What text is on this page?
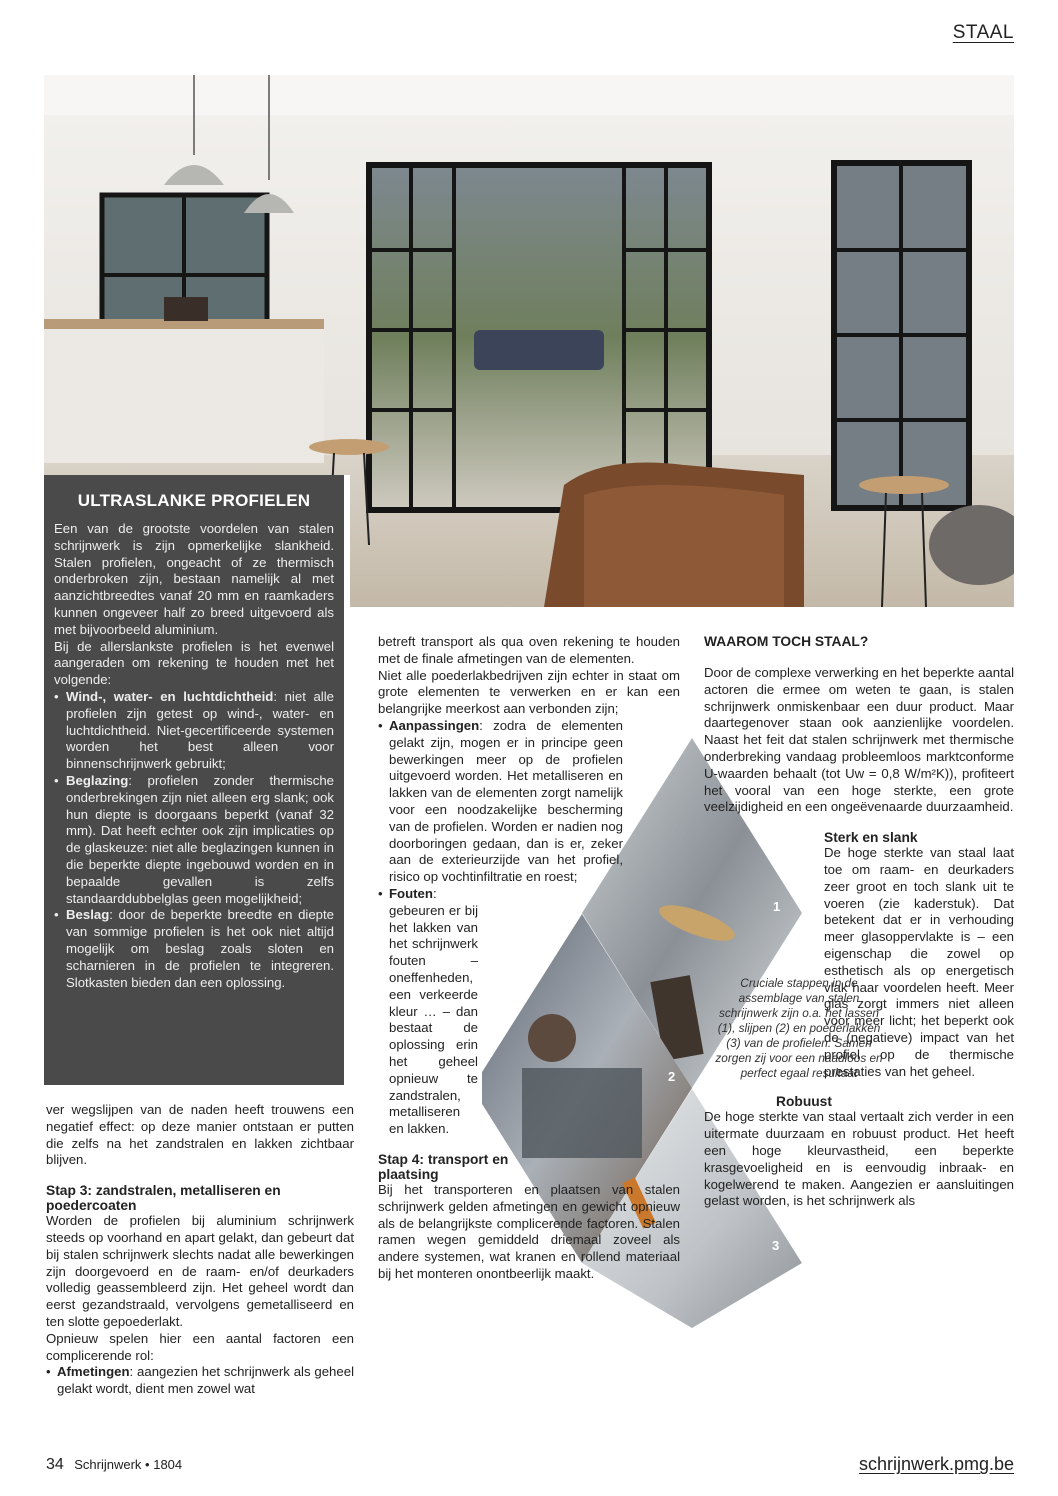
STAAL
ULTRASLANKE PROFIELEN

Een van de grootste voordelen van stalen schrijnwerk is zijn opmerkelijke slankheid. Stalen profielen, ongeacht of ze thermisch onderbroken zijn, bestaan namelijk al met aanzichtbreedtes vanaf 20 mm en raamkaders kunnen ongeveer half zo breed uitgevoerd als met bijvoorbeeld aluminium.

Bij de allerslankste profielen is het evenwel aangeraden om rekening te houden met het volgende:

• Wind-, water- en luchtdichtheid: niet alle profielen zijn getest op wind-, water- en luchtdichtheid. Niet-gecertificeerde systemen worden het best alleen voor binnenschrijnwerk gebruikt;
• Beglazing: profielen zonder thermische onderbrekingen zijn niet alleen erg slank; ook hun diepte is doorgaans beperkt (vanaf 32 mm). Dat heeft echter ook zijn implicaties op de glaskeuze: niet alle beglazingen kunnen in die beperkte diepte ingebouwd worden en in bepaalde gevallen is zelfs standaarddubbelglas geen mogelijkheid;
• Beslag: door de beperkte breedte en diepte van sommige profielen is het ook niet altijd mogelijk om beslag zoals sloten en scharnieren in de profielen te integreren. Slotkasten bieden dan een oplossing.

ver wegslijpen van de naden heeft trouwens een negatief effect: op deze manier ontstaan er putten die zelfs na het zandstralen en lakken zichtbaar blijven.

Stap 3: zandstralen, metalliseren en poedercoaten

Worden de profielen bij aluminium schrijnwerk steeds op voorhand en apart gelakt, dan gebeurt dat bij stalen schrijnwerk slechts nadat alle bewerkingen zijn doorgevoerd en de raam- en/of deurkaders volledig geassembleerd zijn. Het geheel wordt dan eerst gezandstraald, vervolgens gemetalliseerd en ten slotte gepoederlakt.

Opnieuw spelen hier een aantal factoren een complicerende rol:

• Afmetingen: aangezien het schrijnwerk als geheel gelakt wordt, dient men zowel wat
1
2
3

betreft transport als qua oven rekening te houden met de finale afmetingen van de elementen.

Niet alle poederlakbedrijven zijn echter in staat om grote elementen te verwerken en er kan een belangrijke meerkost aan verbonden zijn;

• Aanpassingen: zodra de elementen gelakt zijn, mogen er in principe geen bewerkingen meer op de profielen uitgevoerd worden. Het metalliseren en lakken van de elementen zorgt namelijk voor een noodzakelijke bescherming van de profielen. Worden er nadien nog doorboringen gedaan, dan is er, zeker aan de exterieurzijde van het profiel, risico op vochtinfiltratie en roest;
• Fouten: gebeuren er bij het lakken van het schrijnwerk fouten – oneffenheden, een verkeerde kleur … – dan bestaat de oplossing erin het geheel opnieuw te zandstralen, metalliseren en lakken.
Stap 4: transport en plaatsing

Bij het transporteren en plaatsen van stalen schrijnwerk gelden afmetingen en gewicht opnieuw als de belangrijkste complicerende factoren. Stalen ramen wegen gemiddeld driemaal zoveel als andere systemen, wat kranen en rollend materiaal bij het monteren onontbeerlijk maakt.

Cruciale stappen in de assemblage van stalen schrijnwerk zijn o.a. het lassen (1), slijpen (2) en poederlakken (3) van de profielen. Samen zorgen zij voor een naadloos en perfect egaal resultaat
WAAROM TOCH STAAL?

Door de complexe verwerking en het beperkte aantal actoren die ermee om weten te gaan, is stalen schrijnwerk onmiskenbaar een duur product. Maar daartegenover staan ook aanzienlijke voordelen. Naast het feit dat stalen schrijnwerk met thermische onderbreking vandaag probleemloos marktconforme U-waarden behaalt (tot Uw = 0,8 W/m²K)), profiteert het vooral van een hoge sterkte, een grote veelzijdigheid en een ongeëvenaarde duurzaamheid.

Sterk en slank

De hoge sterkte van staal laat toe om raam- en deurkaders zeer groot en toch slank uit te voeren (zie kaderstuk). Dat betekent dat er in verhouding meer glasoppervlakte is – een eigenschap die zowel op esthetisch als op energetisch vlak haar voordelen heeft. Meer glas zorgt immers niet alleen voor meer licht; het beperkt ook de (negatieve) impact van het profiel op de thermische prestaties van het geheel.

Robuust

De hoge sterkte van staal vertaalt zich verder in een uitermate duurzaam en robuust product. Het heeft een hoge kleurvastheid, een beperkte krasgevoeligheid en is eenvoudig inbraak- en kogelwerend te maken. Aangezien er aansluitingen gelast worden, is het schrijnwerk als

34 Schrijnwerk • 1804	schrijnwerk.pmg.be
